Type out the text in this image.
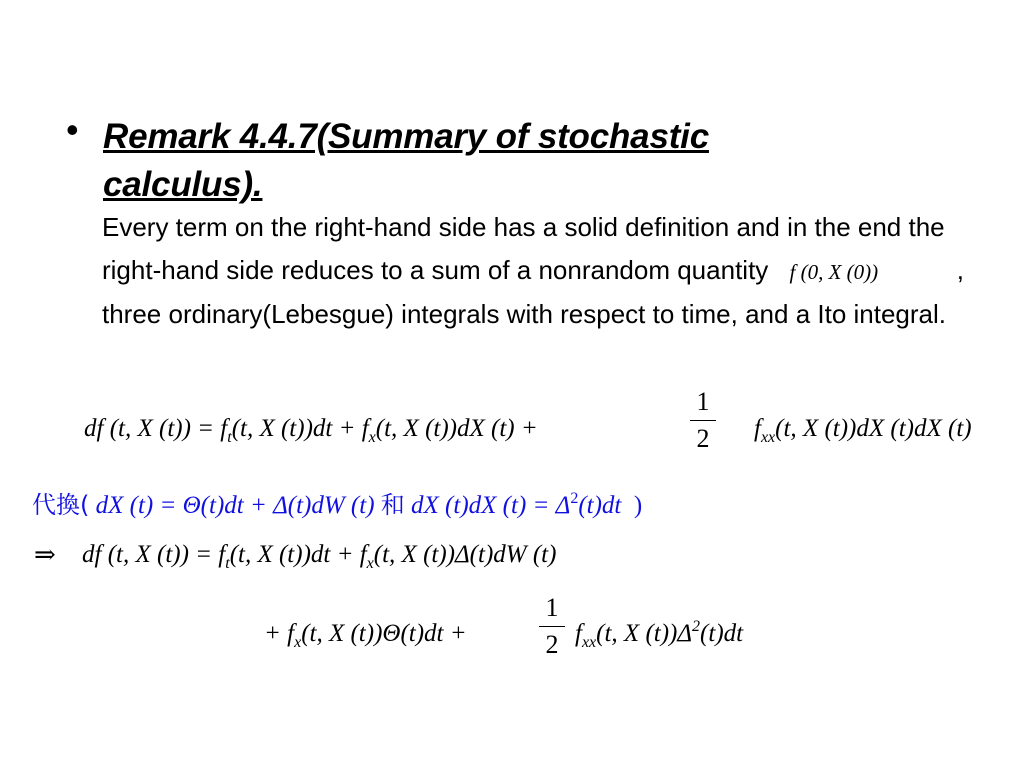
• Remark 4.4.7(Summary of stochastic calculus).
Every term on the right-hand side has a solid definition and in the end the right-hand side reduces to a sum of a nonrandom quantity f (0, X (0))	, three ordinary(Lebesgue) integrals with respect to time, and a Ito integral.
df (t, X $(t)) = f_t(t$, X $(t))dt + f_x(t$, X (t))dX (t) +
1
2	$f_{xx}(t$, X (t))dX (t)dX (t)
代換( dX (t) = Θ(t)dt + Δ(t)dW (t) 和 dX (t)dX $(t) = \Delta^2(t)dt$ )
⇒ df (t, X $(t)) = f_t(t$, X $(t))dt + f_x(t$, X (t))Δ(t)dW (t)
+ $f_x(t$, X (t))Θ(t)dt +
1
2 $f_{xx}(t$, X $(t))\Delta^2(t)dt$
